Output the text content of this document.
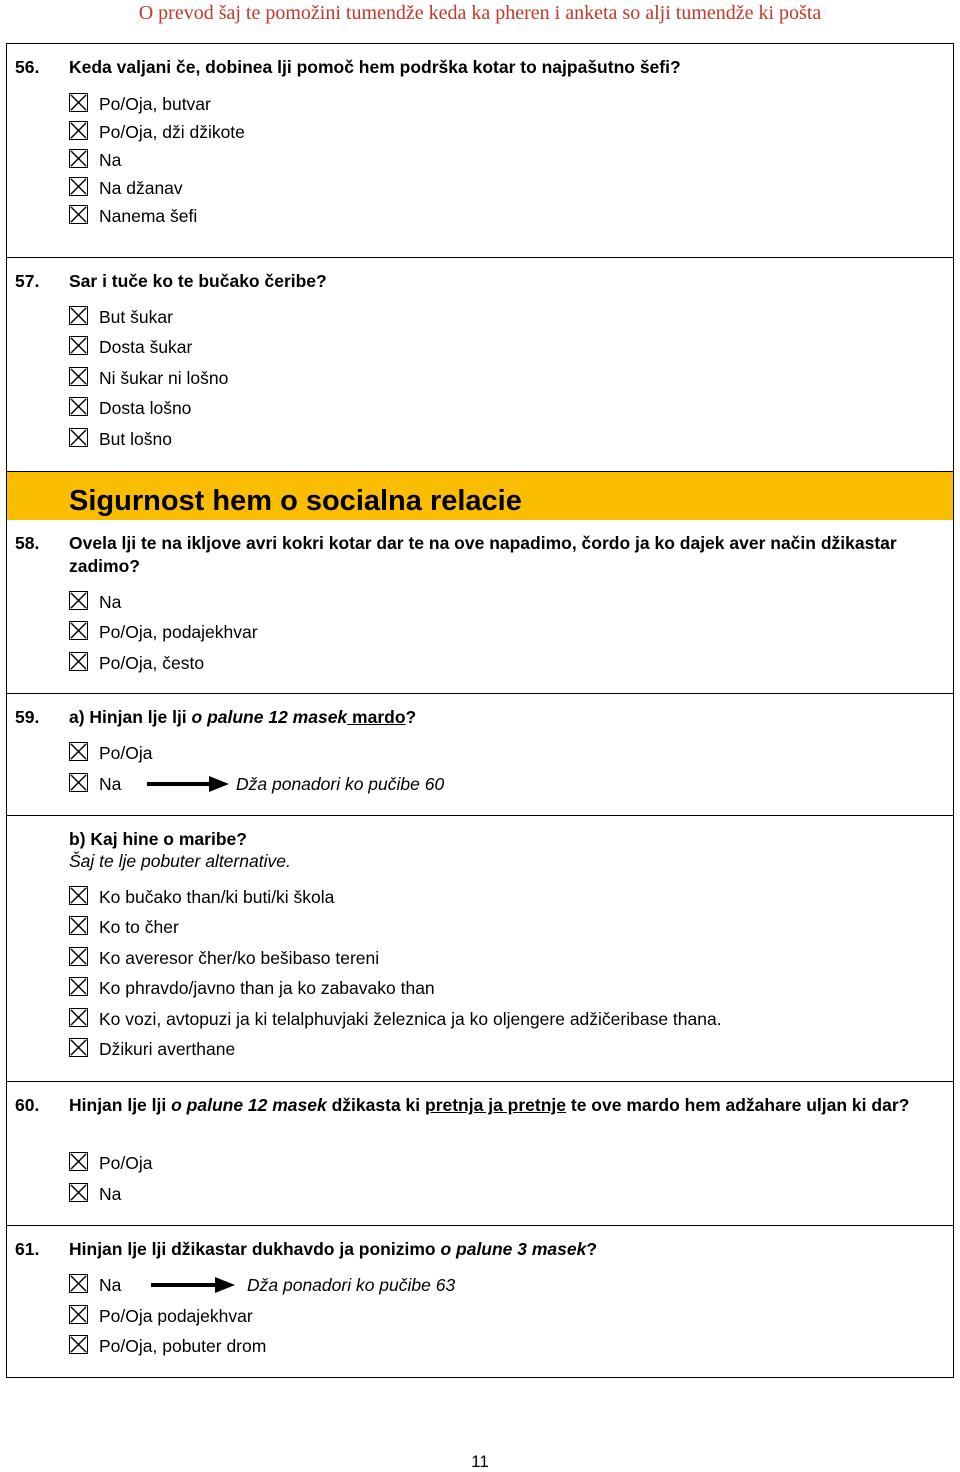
O prevod šaj te pomožini tumendže keda ka pheren i anketa so alji tumendže ki pošta
56. Keda valjani če, dobinea lji pomoč hem podrška kotar to najpašutno šefi?
Po/Oja, butvar
Po/Oja, dži džikote
Na
Na džanav
Nanema šefi
57. Sar i tuče ko te bučako čeribe?
But šukar
Dosta šukar
Ni šukar ni lošno
Dosta lošno
But lošno
Sigurnost hem o socialna relacie
58. Ovela lji te na ikljove avri kokri kotar dar te na ove napadimo, čordo ja ko dajek aver način džikastar zadimo?
Na
Po/Oja, podajekhvar
Po/Oja, često
59. a) Hinjan lje lji o palune 12 masek mardo?
Po/Oja
Na	Dža ponadori ko pučibe 60
b) Kaj hine o maribe?
Šaj te lje pobuter alternative.
Ko bučako than/ki buti/ki škola
Ko to čher
Ko averesor čher/ko bešibaso tereni
Ko phravdo/javno than ja ko zabavako than
Ko vozi, avtopuzi ja ki telalphuvjaki železnica ja ko oljengere adžičeribase thana.
Džikuri averthane
60. Hinjan lje lji o palune 12 masek džikasta ki pretnja ja pretnje te ove mardo hem adžahare uljan ki dar?
Po/Oja
Na
61. Hinjan lje lji džikastar dukhavdo ja ponizimo o palune 3 masek?
Na
Po/Oja podajekhvar
Po/Oja, pobuter drom
Dža ponadori ko pučibe 63
11
